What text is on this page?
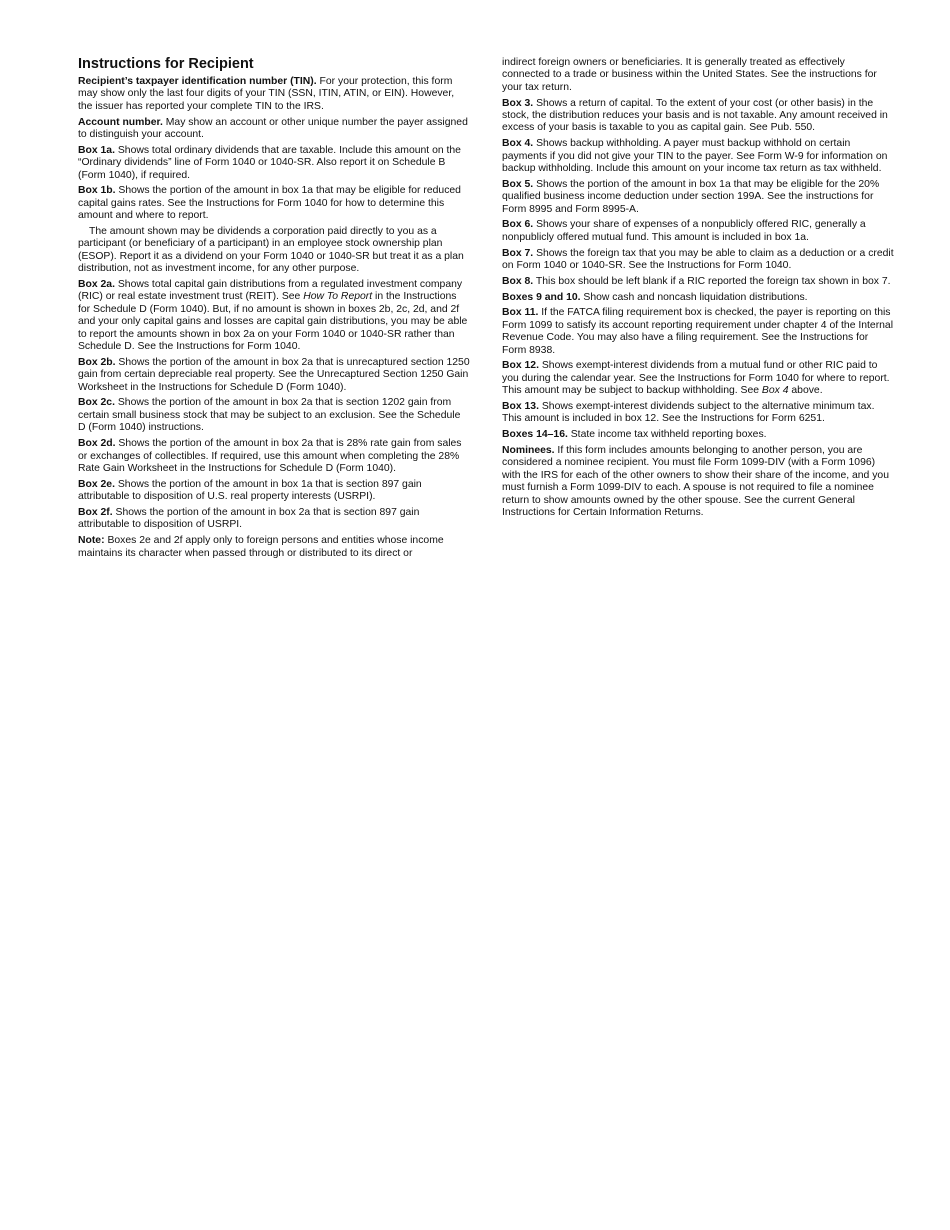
Instructions for Recipient

Recipient’s taxpayer identification number (TIN). For your protection, this form may show only the last four digits of your TIN (SSN, ITIN, ATIN, or EIN). However, the issuer has reported your complete TIN to the IRS.

Account number. May show an account or other unique number the payer assigned to distinguish your account.

Box 1a. Shows total ordinary dividends that are taxable. Include this amount on the “Ordinary dividends” line of Form 1040 or 1040-SR. Also report it on Schedule B (Form 1040), if required.

Box 1b. Shows the portion of the amount in box 1a that may be eligible for reduced capital gains rates. See the Instructions for Form 1040 for how to determine this amount and where to report.

The amount shown may be dividends a corporation paid directly to you as a participant (or beneficiary of a participant) in an employee stock ownership plan (ESOP). Report it as a dividend on your Form 1040 or 1040-SR but treat it as a plan distribution, not as investment income, for any other purpose.

Box 2a. Shows total capital gain distributions from a regulated investment company (RIC) or real estate investment trust (REIT). See How To Report in the Instructions for Schedule D (Form 1040). But, if no amount is shown in boxes 2b, 2c, 2d, and 2f and your only capital gains and losses are capital gain distributions, you may be able to report the amounts shown in box 2a on your Form 1040 or 1040-SR rather than Schedule D. See the Instructions for Form 1040.

Box 2b. Shows the portion of the amount in box 2a that is unrecaptured section 1250 gain from certain depreciable real property. See the Unrecaptured Section 1250 Gain Worksheet in the Instructions for Schedule D (Form 1040).

Box 2c. Shows the portion of the amount in box 2a that is section 1202 gain from certain small business stock that may be subject to an exclusion. See the Schedule D (Form 1040) instructions.

Box 2d. Shows the portion of the amount in box 2a that is 28% rate gain from sales or exchanges of collectibles. If required, use this amount when completing the 28% Rate Gain Worksheet in the Instructions for Schedule D (Form 1040).

Box 2e. Shows the portion of the amount in box 1a that is section 897 gain attributable to disposition of U.S. real property interests (USRPI).

Box 2f. Shows the portion of the amount in box 2a that is section 897 gain attributable to disposition of USRPI.

Note: Boxes 2e and 2f apply only to foreign persons and entities whose income maintains its character when passed through or distributed to its direct or

indirect foreign owners or beneficiaries. It is generally treated as effectively connected to a trade or business within the United States. See the instructions for your tax return.

Box 3. Shows a return of capital. To the extent of your cost (or other basis) in the stock, the distribution reduces your basis and is not taxable. Any amount received in excess of your basis is taxable to you as capital gain. See Pub. 550.

Box 4. Shows backup withholding. A payer must backup withhold on certain payments if you did not give your TIN to the payer. See Form W-9 for information on backup withholding. Include this amount on your income tax return as tax withheld.

Box 5. Shows the portion of the amount in box 1a that may be eligible for the 20% qualified business income deduction under section 199A. See the instructions for Form 8995 and Form 8995-A.

Box 6. Shows your share of expenses of a nonpublicly offered RIC, generally a nonpublicly offered mutual fund. This amount is included in box 1a.

Box 7. Shows the foreign tax that you may be able to claim as a deduction or a credit on Form 1040 or 1040-SR. See the Instructions for Form 1040.

Box 8. This box should be left blank if a RIC reported the foreign tax shown in box 7.

Boxes 9 and 10. Show cash and noncash liquidation distributions.

Box 11. If the FATCA filing requirement box is checked, the payer is reporting on this Form 1099 to satisfy its account reporting requirement under chapter 4 of the Internal Revenue Code. You may also have a filing requirement. See the Instructions for Form 8938.

Box 12. Shows exempt-interest dividends from a mutual fund or other RIC paid to you during the calendar year. See the Instructions for Form 1040 for where to report. This amount may be subject to backup withholding. See Box 4 above.

Box 13. Shows exempt-interest dividends subject to the alternative minimum tax. This amount is included in box 12. See the Instructions for Form 6251.

Boxes 14–16. State income tax withheld reporting boxes.

Nominees. If this form includes amounts belonging to another person, you are considered a nominee recipient. You must file Form 1099-DIV (with a Form 1096) with the IRS for each of the other owners to show their share of the income, and you must furnish a Form 1099-DIV to each. A spouse is not required to file a nominee return to show amounts owned by the other spouse. See the current General Instructions for Certain Information Returns.
